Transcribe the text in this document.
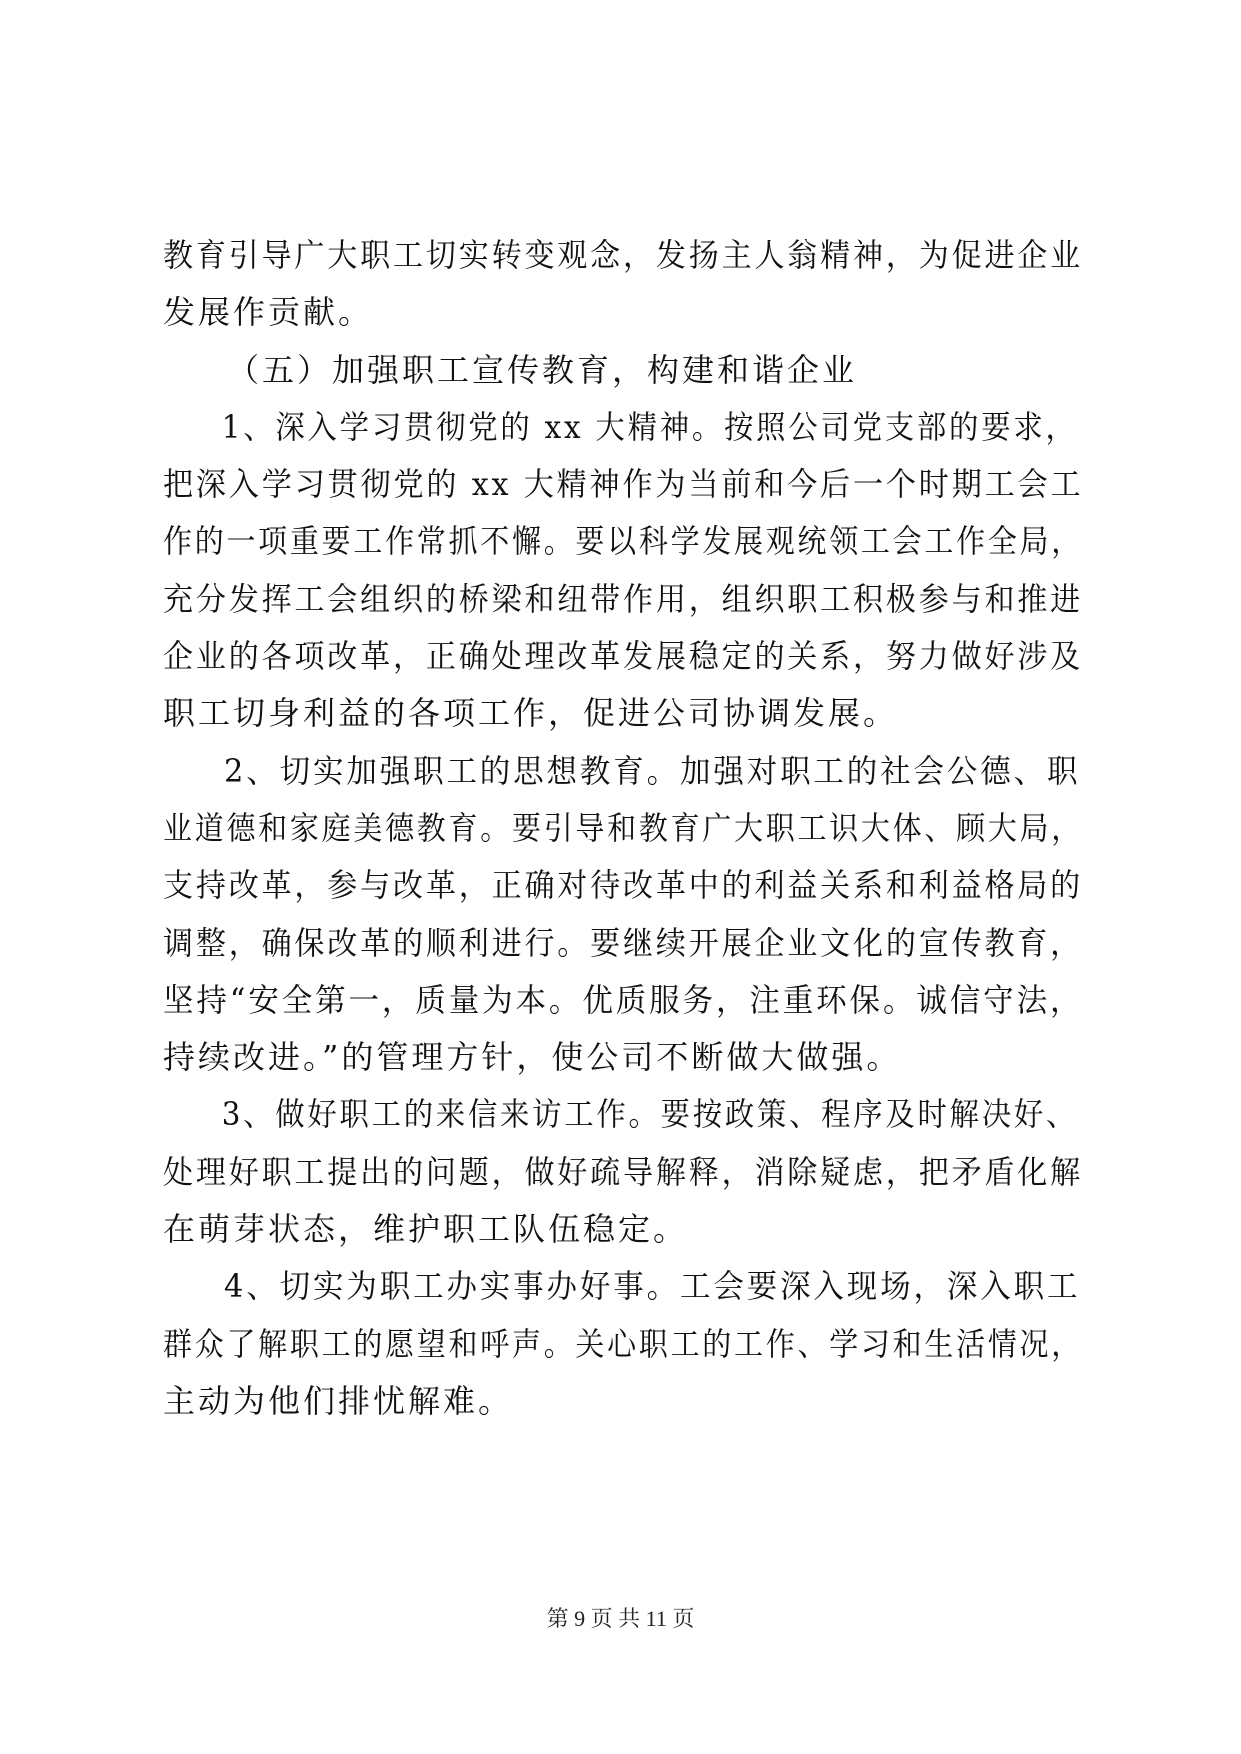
教育引导广大职工切实转变观念，发扬主人翁精神，为促进企业
发展作贡献。
（五）加强职工宣传教育，构建和谐企业
1、深入学习贯彻党的 xx 大精神。按照公司党支部的要求，
把深入学习贯彻党的 xx 大精神作为当前和今后一个时期工会工
作的一项重要工作常抓不懈。要以科学发展观统领工会工作全局，
充分发挥工会组织的桥梁和纽带作用，组织职工积极参与和推进
企业的各项改革，正确处理改革发展稳定的关系，努力做好涉及
职工切身利益的各项工作，促进公司协调发展。
2、切实加强职工的思想教育。加强对职工的社会公德、职
业道德和家庭美德教育。要引导和教育广大职工识大体、顾大局，
支持改革，参与改革，正确对待改革中的利益关系和利益格局的
调整，确保改革的顺利进行。要继续开展企业文化的宣传教育，
坚持“安全第一，质量为本。优质服务，注重环保。诚信守法，
持续改进。”的管理方针，使公司不断做大做强。
3、做好职工的来信来访工作。要按政策、程序及时解决好、
处理好职工提出的问题，做好疏导解释，消除疑虑，把矛盾化解
在萌芽状态，维护职工队伍稳定。
4、切实为职工办实事办好事。工会要深入现场，深入职工
群众了解职工的愿望和呼声。关心职工的工作、学习和生活情况，
主动为他们排忧解难。
第 9 页 共 11 页
